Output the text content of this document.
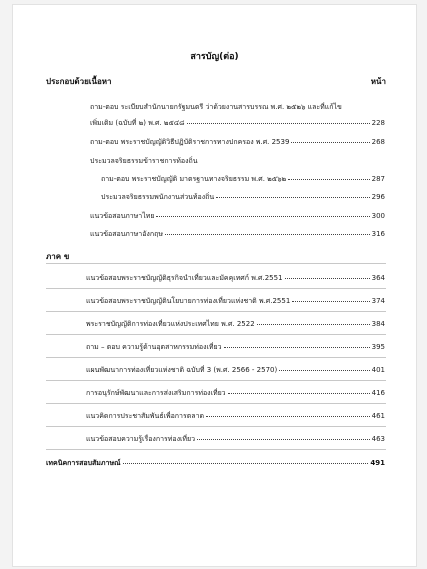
สารบัญ(ต่อ)
ประกอบด้วยเนื้อหา	หน้า
ถาม-ตอบ ระเบียบสำนักนายกรัฐมนตรี ว่าด้วยงานสารบรรณ พ.ศ. ๒๕๒๖ และที่แก้ไข
เพิ่มเติม (ฉบับที่ ๒) พ.ศ. ๒๕๔๘	228
ถาม-ตอบ พระราชบัญญัติวิธีปฏิบัติราชการทางปกครอง พ.ศ. 2539	268
ประมวลจริยธรรมข้าราชการท้องถิ่น
ถาม-ตอบ พระราชบัญญัติ มาตรฐานทางจริยธรรม พ.ศ. ๒๕๖๒	287
ประมวลจริยธรรมพนักงานส่วนท้องถิ่น	296
แนวข้อสอบภาษาไทย	300
แนวข้อสอบภาษาอังกฤษ	316
ภาค ข
แนวข้อสอบพระราชบัญญัติธุรกิจนำเที่ยวและมัคคุเทศก์ พ.ศ.2551	364
แนวข้อสอบพระราชบัญญัตินโยบายการท่องเที่ยวแห่งชาติ พ.ศ.2551	374
พระราชบัญญัติการท่องเที่ยวแห่งประเทศไทย พ.ศ. 2522	384
ถาม – ตอบ ความรู้ด้านอุตสาหกรรมท่องเที่ยว	395
แผนพัฒนาการท่องเที่ยวแห่งชาติ ฉบับที่ 3 (พ.ศ. 2566 - 2570)	401
การอนุรักษ์พัฒนาและการส่งเสริมการท่องเที่ยว	416
แนวคิดการประชาสัมพันธ์เพื่อการตลาด	461
แนวข้อสอบความรู้เรื่องการท่องเที่ยว	463
เทคนิคการสอบสัมภาษณ์	491
